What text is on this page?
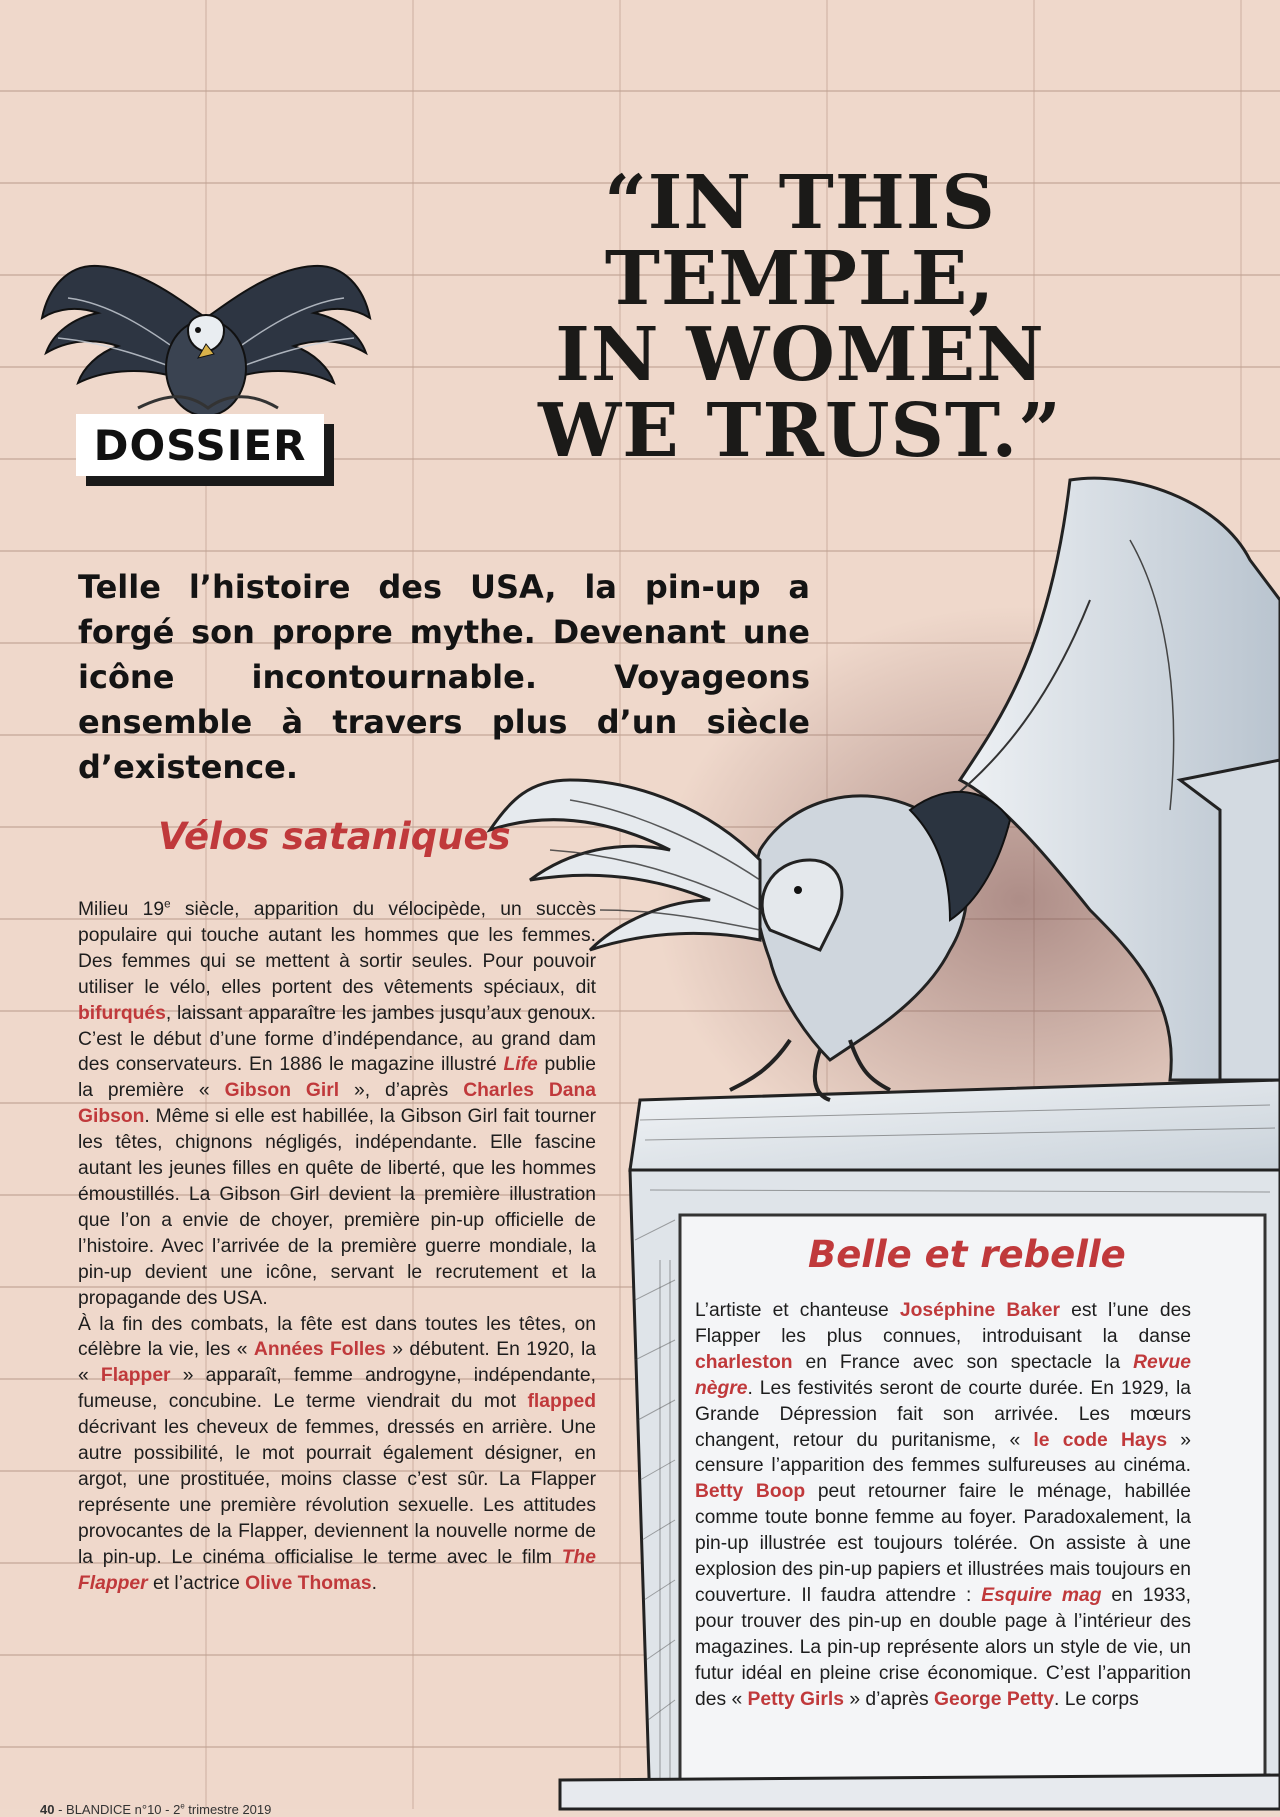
DOSSIER
“IN THIS TEMPLE,
IN WOMEN
WE TRUST.”

Telle l’histoire des USA, la pin-up a forgé son propre mythe. Devenant une icône incontournable. Voyageons ensemble à travers plus d’un siècle d’existence.

Vélos sataniques

Milieu 19e siècle, apparition du vélocipède, un succès populaire qui touche autant les hommes que les femmes. Des femmes qui se mettent à sortir seules. Pour pouvoir utiliser le vélo, elles portent des vêtements spéciaux, dit bifurqués, laissant apparaître les jambes jusqu’aux genoux. C’est le début d’une forme d’indépendance, au grand dam des conservateurs. En 1886 le magazine illustré Life publie la première « Gibson Girl », d’après Charles Dana Gibson. Même si elle est habillée, la Gibson Girl fait tourner les têtes, chignons négligés, indépendante. Elle fascine autant les jeunes filles en quête de liberté, que les hommes émoustillés. La Gibson Girl devient la première illustration que l’on a envie de choyer, première pin-up officielle de l’histoire. Avec l’arrivée de la première guerre mondiale, la pin-up devient une icône, servant le recrutement et la propagande des USA.

À la fin des combats, la fête est dans toutes les têtes, on célèbre la vie, les « Années Folles » débutent. En 1920, la « Flapper » apparaît, femme androgyne, indépendante, fumeuse, concubine. Le terme viendrait du mot flapped décrivant les cheveux de femmes, dressés en arrière. Une autre possibilité, le mot pourrait également désigner, en argot, une prostituée, moins classe c’est sûr. La Flapper représente une première révolution sexuelle. Les attitudes provocantes de la Flapper, deviennent la nouvelle norme de la pin-up. Le cinéma officialise le terme avec le film The Flapper et l’actrice Olive Thomas.

Belle et rebelle

L’artiste et chanteuse Joséphine Baker est l’une des Flapper les plus connues, introduisant la danse charleston en France avec son spectacle la Revue nègre. Les festivités seront de courte durée. En 1929, la Grande Dépression fait son arrivée. Les mœurs changent, retour du puritanisme, « le code Hays » censure l’apparition des femmes sulfureuses au cinéma. Betty Boop peut retourner faire le ménage, habillée comme toute bonne femme au foyer. Paradoxalement, la pin-up illustrée est toujours tolérée. On assiste à une explosion des pin-up papiers et illustrées mais toujours en couverture. Il faudra attendre : Esquire mag en 1933, pour trouver des pin-up en double page à l’intérieur des magazines. La pin-up représente alors un style de vie, un futur idéal en pleine crise économique. C’est l’apparition des « Petty Girls » d’après George Petty. Le corps

40 - BLANDICE n°10 - 2e trimestre 2019
